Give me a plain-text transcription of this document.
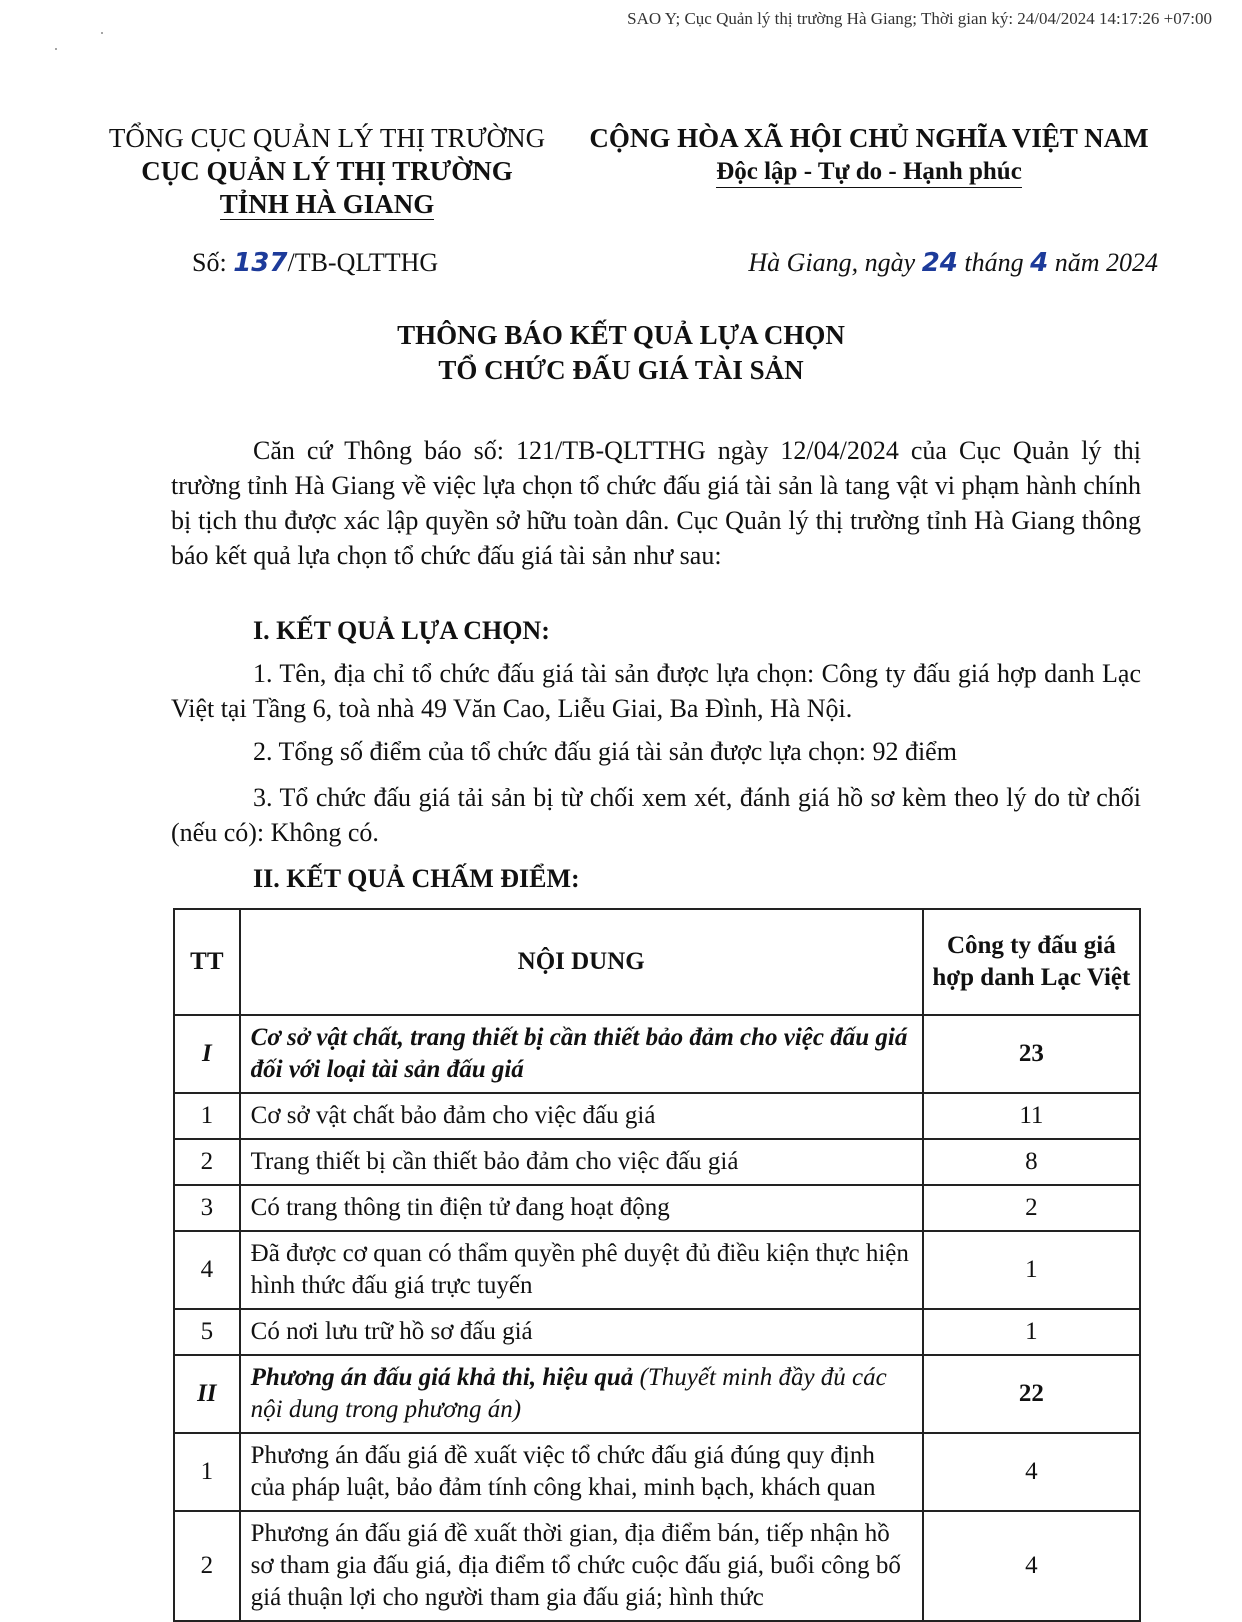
SAO Y; Cục Quản lý thị trường Hà Giang; Thời gian ký: 24/04/2024 14:17:26 +07:00
TỔNG CỤC QUẢN LÝ THỊ TRƯỜNG
CỤC QUẢN LÝ THỊ TRƯỜNG
TỈNH HÀ GIANG
CỘNG HÒA XÃ HỘI CHỦ NGHĨA VIỆT NAM
Độc lập - Tự do - Hạnh phúc
Số: 137/TB-QLTTHG	Hà Giang, ngày 24 tháng 4 năm 2024
THÔNG BÁO KẾT QUẢ LỰA CHỌN
TỔ CHỨC ĐẤU GIÁ TÀI SẢN
Căn cứ Thông báo số: 121/TB-QLTTHG ngày 12/04/2024 của Cục Quản lý thị trường tỉnh Hà Giang về việc lựa chọn tổ chức đấu giá tài sản là tang vật vi phạm hành chính bị tịch thu được xác lập quyền sở hữu toàn dân. Cục Quản lý thị trường tỉnh Hà Giang thông báo kết quả lựa chọn tổ chức đấu giá tài sản như sau:
I. KẾT QUẢ LỰA CHỌN:
1. Tên, địa chỉ tổ chức đấu giá tài sản được lựa chọn: Công ty đấu giá hợp danh Lạc Việt tại Tầng 6, toà nhà 49 Văn Cao, Liễu Giai, Ba Đình, Hà Nội.
2. Tổng số điểm của tổ chức đấu giá tài sản được lựa chọn: 92 điểm
3. Tổ chức đấu giá tải sản bị từ chối xem xét, đánh giá hồ sơ kèm theo lý do từ chối (nếu có): Không có.
II. KẾT QUẢ CHẤM ĐIỂM:
TT	NỘI DUNG	Công ty đấu giá hợp danh Lạc Việt
I	Cơ sở vật chất, trang thiết bị cần thiết bảo đảm cho việc đấu giá đối với loại tài sản đấu giá	23
1	Cơ sở vật chất bảo đảm cho việc đấu giá	11
2	Trang thiết bị cần thiết bảo đảm cho việc đấu giá	8
3	Có trang thông tin điện tử đang hoạt động	2
4	Đã được cơ quan có thẩm quyền phê duyệt đủ điều kiện thực hiện hình thức đấu giá trực tuyến	1
5	Có nơi lưu trữ hồ sơ đấu giá	1
II	Phương án đấu giá khả thi, hiệu quả (Thuyết minh đầy đủ các nội dung trong phương án)	22
1	Phương án đấu giá đề xuất việc tổ chức đấu giá đúng quy định của pháp luật, bảo đảm tính công khai, minh bạch, khách quan	4
2	Phương án đấu giá đề xuất thời gian, địa điểm bán, tiếp nhận hồ sơ tham gia đấu giá, địa điểm tổ chức cuộc đấu giá, buổi công bố giá thuận lợi cho người tham gia đấu giá; hình thức	4
